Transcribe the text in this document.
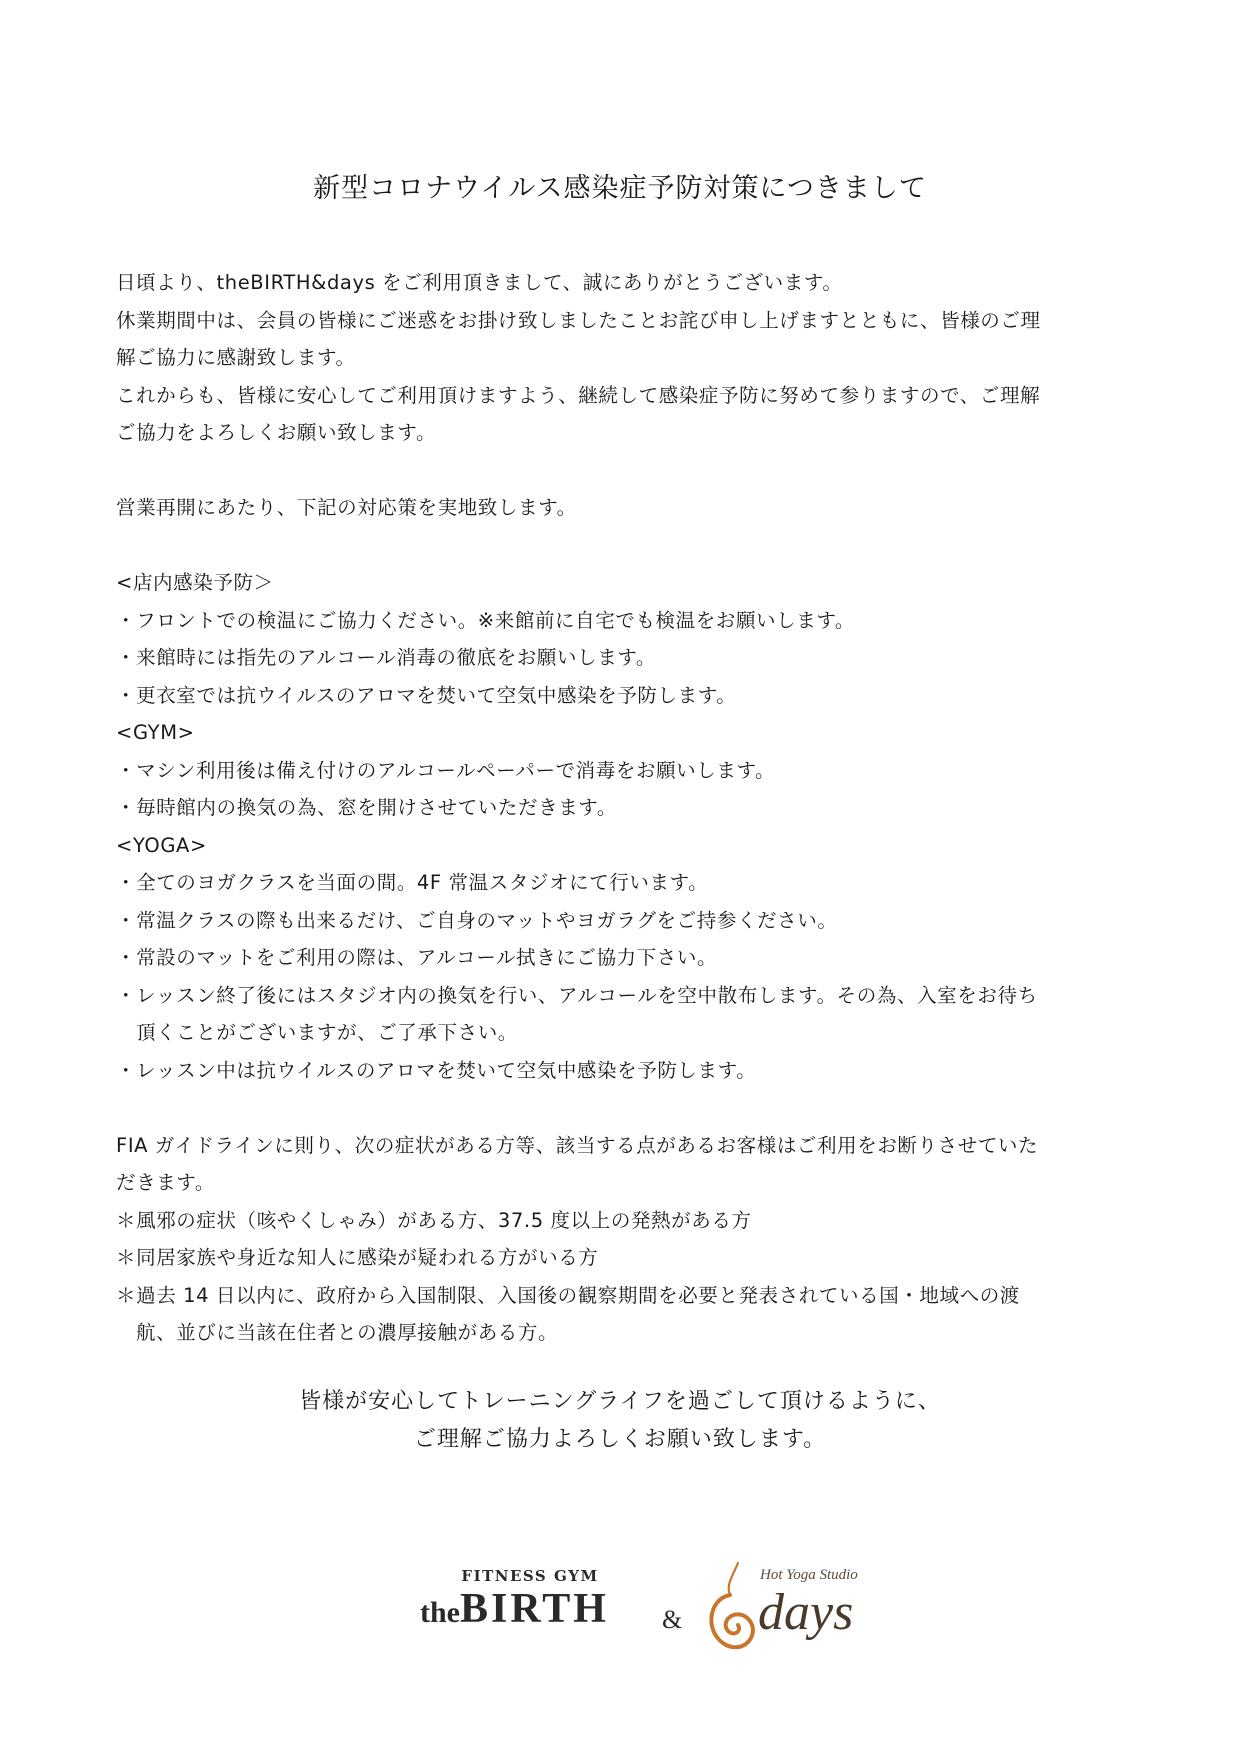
新型コロナウイルス感染症予防対策につきまして
日頃より、theBIRTH&days をご利用頂きまして、誠にありがとうございます。
休業期間中は、会員の皆様にご迷惑をお掛け致しましたことお詫び申し上げますとともに、皆様のご理
解ご協力に感謝致します。
これからも、皆様に安心してご利用頂けますよう、継続して感染症予防に努めて参りますので、ご理解
ご協力をよろしくお願い致します。
営業再開にあたり、下記の対応策を実地致します。
<店内感染予防＞
・フロントでの検温にご協力ください。※来館前に自宅でも検温をお願いします。
・来館時には指先のアルコール消毒の徹底をお願いします。
・更衣室では抗ウイルスのアロマを焚いて空気中感染を予防します。
<GYM>
・マシン利用後は備え付けのアルコールペーパーで消毒をお願いします。
・毎時館内の換気の為、窓を開けさせていただきます。
<YOGA>
・全てのヨガクラスを当面の間。4F 常温スタジオにて行います。
・常温クラスの際も出来るだけ、ご自身のマットやヨガラグをご持参ください。
・常設のマットをご利用の際は、アルコール拭きにご協力下さい。
・レッスン終了後にはスタジオ内の換気を行い、アルコールを空中散布します。その為、入室をお待ち
頂くことがございますが、ご了承下さい。
・レッスン中は抗ウイルスのアロマを焚いて空気中感染を予防します。
FIA ガイドラインに則り、次の症状がある方等、該当する点があるお客様はご利用をお断りさせていた
だきます。
＊風邪の症状（咳やくしゃみ）がある方、37.5 度以上の発熱がある方
＊同居家族や身近な知人に感染が疑われる方がいる方
＊過去 14 日以内に、政府から入国制限、入国後の観察期間を必要と発表されている国・地域への渡
航、並びに当該在住者との濃厚接触がある方。
皆様が安心してトレーニングライフを過ごして頂けるように、
ご理解ご協力よろしくお願い致します。
FITNESS GYM
theBIRTH &
Hot Yoga Studio
days
